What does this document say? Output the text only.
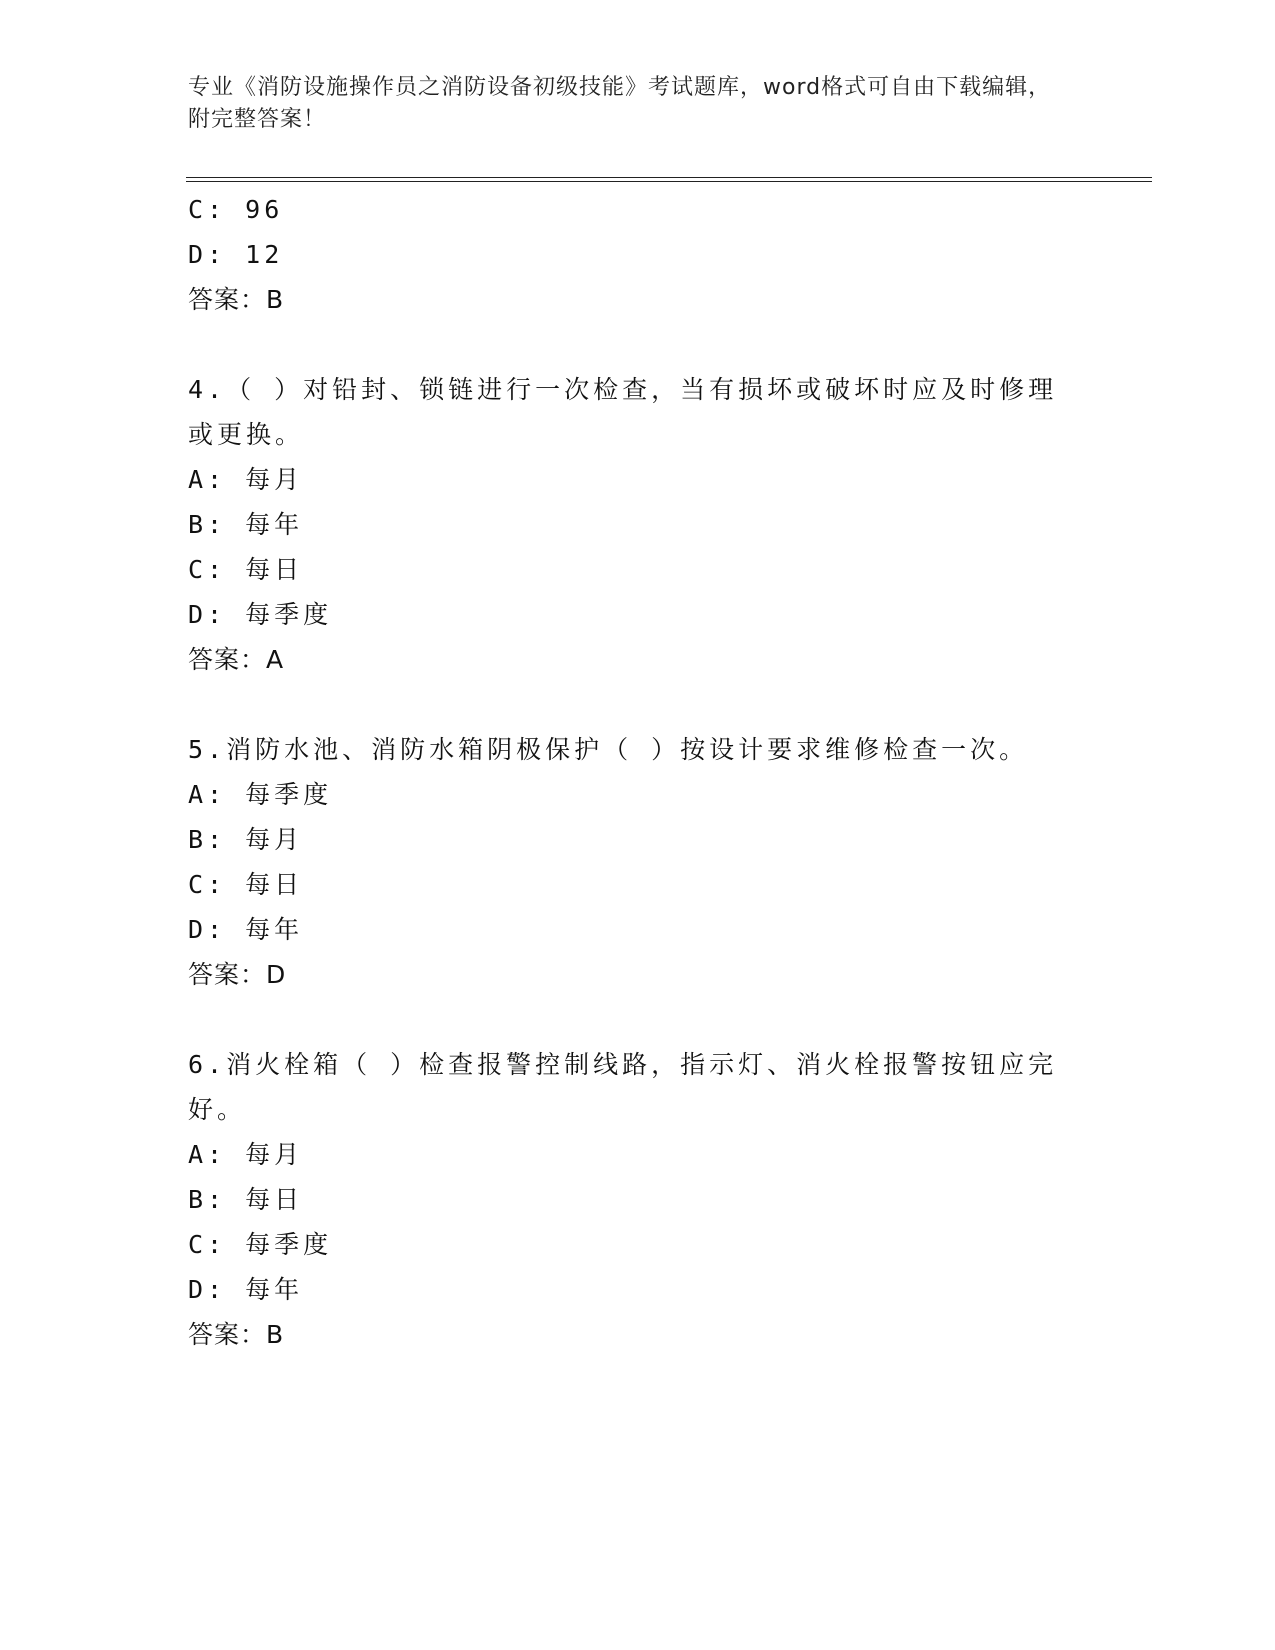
专业《消防设施操作员之消防设备初级技能》考试题库，word格式可自由下载编辑，附完整答案！
C: 96
D: 12
答案：B
4.（ ）对铅封、锁链进行一次检查，当有损坏或破坏时应及时修理或更换。
A: 每月
B: 每年
C: 每日
D: 每季度
答案：A
5.消防水池、消防水箱阴极保护（ ）按设计要求维修检查一次。
A: 每季度
B: 每月
C: 每日
D: 每年
答案：D
6.消火栓箱（ ）检查报警控制线路，指示灯、消火栓报警按钮应完好。
A: 每月
B: 每日
C: 每季度
D: 每年
答案：B
